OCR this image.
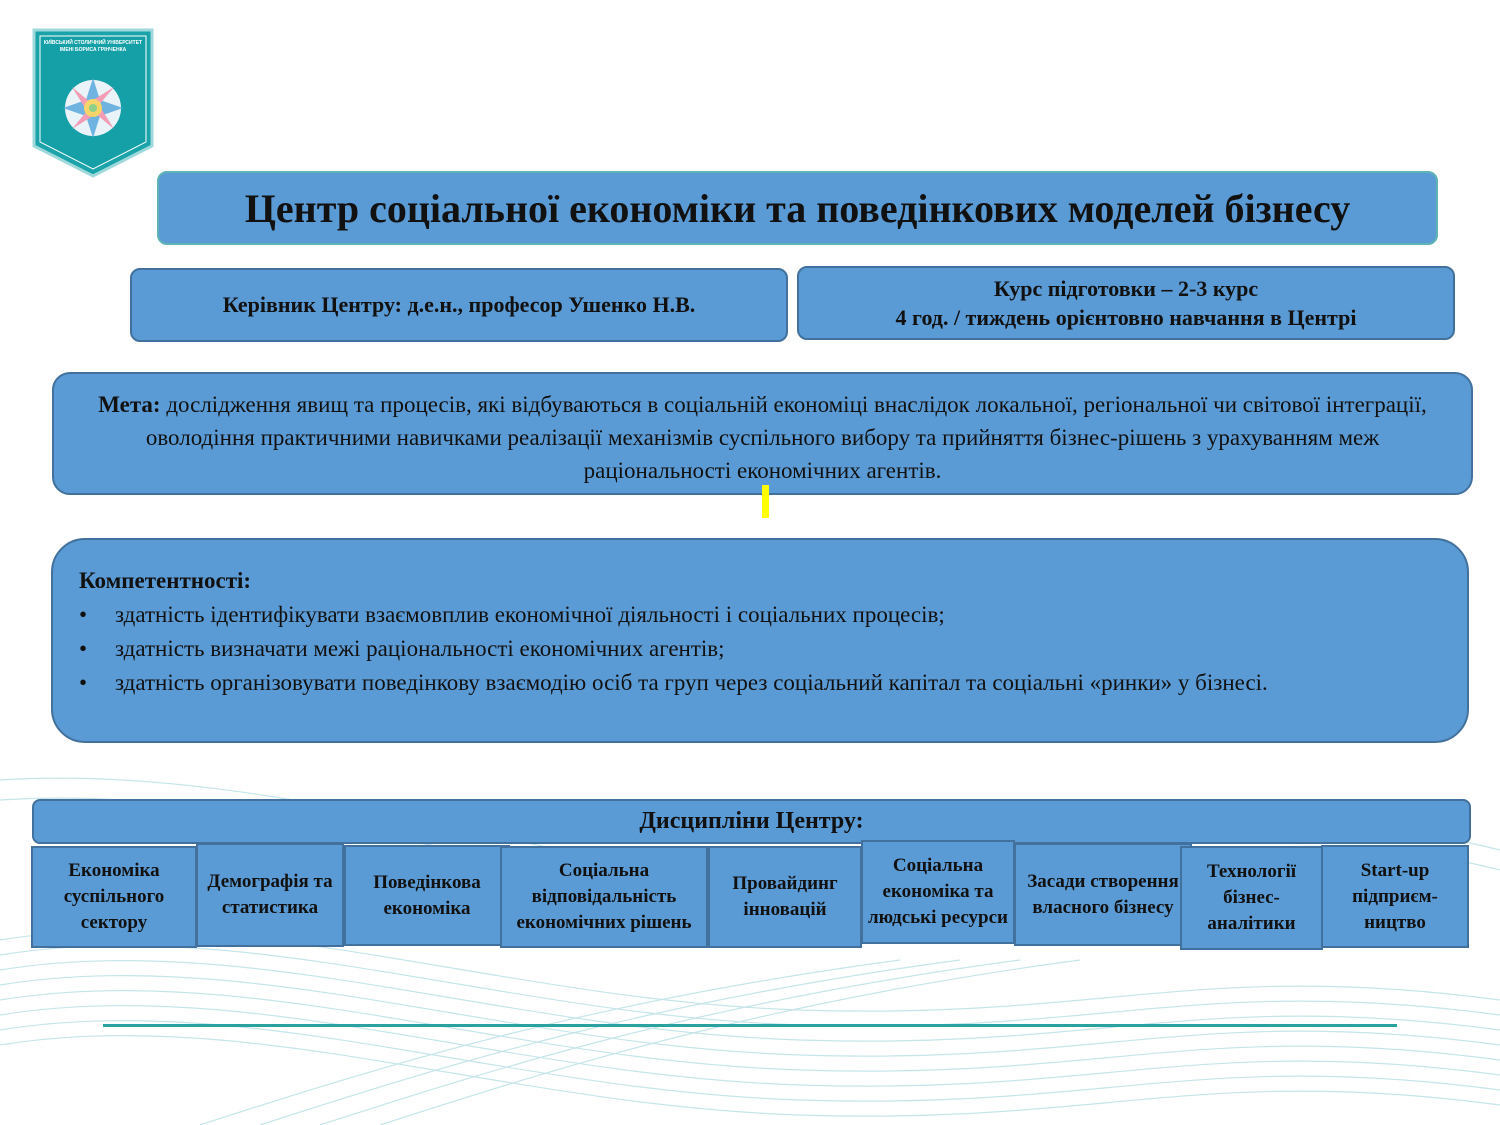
КИЇВСЬКИЙ СТОЛИЧНИЙ УНІВЕРСИТЕТ ІМЕНІ БОРИСА ГРІНЧЕНКА
Центр соціальної економіки та поведінкових моделей бізнесу
Керівник Центру: д.е.н., професор Ушенко Н.В.
Курс підготовки – 2-3 курс
4 год. / тиждень орієнтовно навчання в Центрі
Мета: дослідження явищ та процесів, які відбуваються в соціальній економіці внаслідок локальної, регіональної чи світової інтеграції, оволодіння практичними навичками реалізації механізмів суспільного вибору та прийняття бізнес-рішень з урахуванням меж раціональності економічних агентів.
Компетентності:
• здатність ідентифікувати взаємовплив економічної діяльності і соціальних процесів;
• здатність визначати межі раціональності економічних агентів;
• здатність організовувати поведінкову взаємодію осіб та груп через соціальний капітал та соціальні «ринки» у бізнесі.
Дисципліни Центру:
Економіка суспільного сектору
Демографія та статистика
Поведінкова економіка
Соціальна відповідальність економічних рішень
Провайдинг інновацій
Соціальна економіка та людські ресурси
Засади створення власного бізнесу
Технології бізнес-аналітики
Start-up підприєм-ництво
